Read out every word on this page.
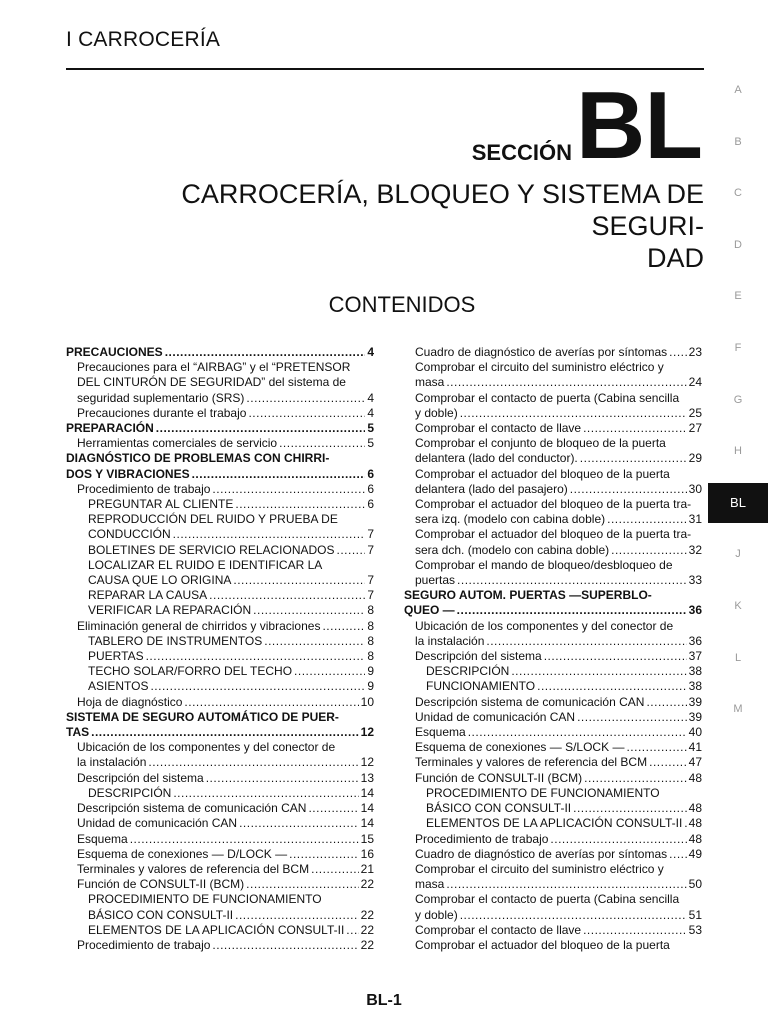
I CARROCERÍA
SECCIÓN BL
CARROCERÍA, BLOQUEO Y SISTEMA DE SEGURI-
DAD
CONTENIDOS
PRECAUCIONES .....	4
Precauciones para el “AIRBAG” y el “PRETENSOR
DEL CINTURÓN DE SEGURIDAD” del sistema de
seguridad suplementario (SRS) .....	4
Precauciones durante el trabajo .....	4
PREPARACIÓN .....	5
Herramientas comerciales de servicio .....	5
DIAGNÓSTICO DE PROBLEMAS CON CHIRRI-
DOS Y VIBRACIONES .....	6
Procedimiento de trabajo .....	6
PREGUNTAR AL CLIENTE .....	6
REPRODUCCIÓN DEL RUIDO Y PRUEBA DE
CONDUCCIÓN .....	7
BOLETINES DE SERVICIO RELACIONADOS .....	7
LOCALIZAR EL RUIDO E IDENTIFICAR LA
CAUSA QUE LO ORIGINA .....	7
REPARAR LA CAUSA .....	7
VERIFICAR LA REPARACIÓN .....	8
Eliminación general de chirridos y vibraciones .....	8
TABLERO DE INSTRUMENTOS .....	8
PUERTAS .....	8
TECHO SOLAR/FORRO DEL TECHO .....	9
ASIENTOS .....	9
Hoja de diagnóstico .....	10
SISTEMA DE SEGURO AUTOMÁTICO DE PUER-
TAS .....	12
Ubicación de los componentes y del conector de
la instalación .....	12
Descripción del sistema .....	13
DESCRIPCIÓN .....	14
Descripción sistema de comunicación CAN .....	14
Unidad de comunicación CAN .....	14
Esquema .....	15
Esquema de conexiones — D/LOCK — .....	16
Terminales y valores de referencia del BCM .....	21
Función de CONSULT-II (BCM) .....	22
PROCEDIMIENTO DE FUNCIONAMIENTO
BÁSICO CON CONSULT-II .....	22
ELEMENTOS DE LA APLICACIÓN CONSULT-II ..... 22
Procedimiento de trabajo .....	22
Cuadro de diagnóstico de averías por síntomas ..... 23
Comprobar el circuito del suministro eléctrico y
masa .....	24
Comprobar el contacto de puerta (Cabina sencilla
y doble) .....	25
Comprobar el contacto de llave .....	27
Comprobar el conjunto de bloqueo de la puerta
delantera (lado del conductor). .....	29
Comprobar el actuador del bloqueo de la puerta
delantera (lado del pasajero) .....	30
Comprobar el actuador del bloqueo de la puerta tra-
sera izq. (modelo con cabina doble) .....	31
Comprobar el actuador del bloqueo de la puerta tra-
sera dch. (modelo con cabina doble) .....	32
Comprobar el mando de bloqueo/desbloqueo de
puertas .....	33
SEGURO AUTOM. PUERTAS —SUPERBLO-
QUEO — .....	36
Ubicación de los componentes y del conector de
la instalación .....	36
Descripción del sistema .....	37
DESCRIPCIÓN .....	38
FUNCIONAMIENTO .....	38
Descripción sistema de comunicación CAN .....	39
Unidad de comunicación CAN .....	39
Esquema .....	40
Esquema de conexiones — S/LOCK — .....	41
Terminales y valores de referencia del BCM .....	47
Función de CONSULT-II (BCM) .....	48
PROCEDIMIENTO DE FUNCIONAMIENTO
BÁSICO CON CONSULT-II .....	48
ELEMENTOS DE LA APLICACIÓN CONSULT-II ..... 48
Procedimiento de trabajo .....	48
Cuadro de diagnóstico de averías por síntomas ..... 49
Comprobar el circuito del suministro eléctrico y
masa .....	50
Comprobar el contacto de puerta (Cabina sencilla
y doble) .....	51
Comprobar el contacto de llave .....	53
Comprobar el actuador del bloqueo de la puerta
A
B
C
D
E
F
G
H
BL
J
K
L
M
BL-1
